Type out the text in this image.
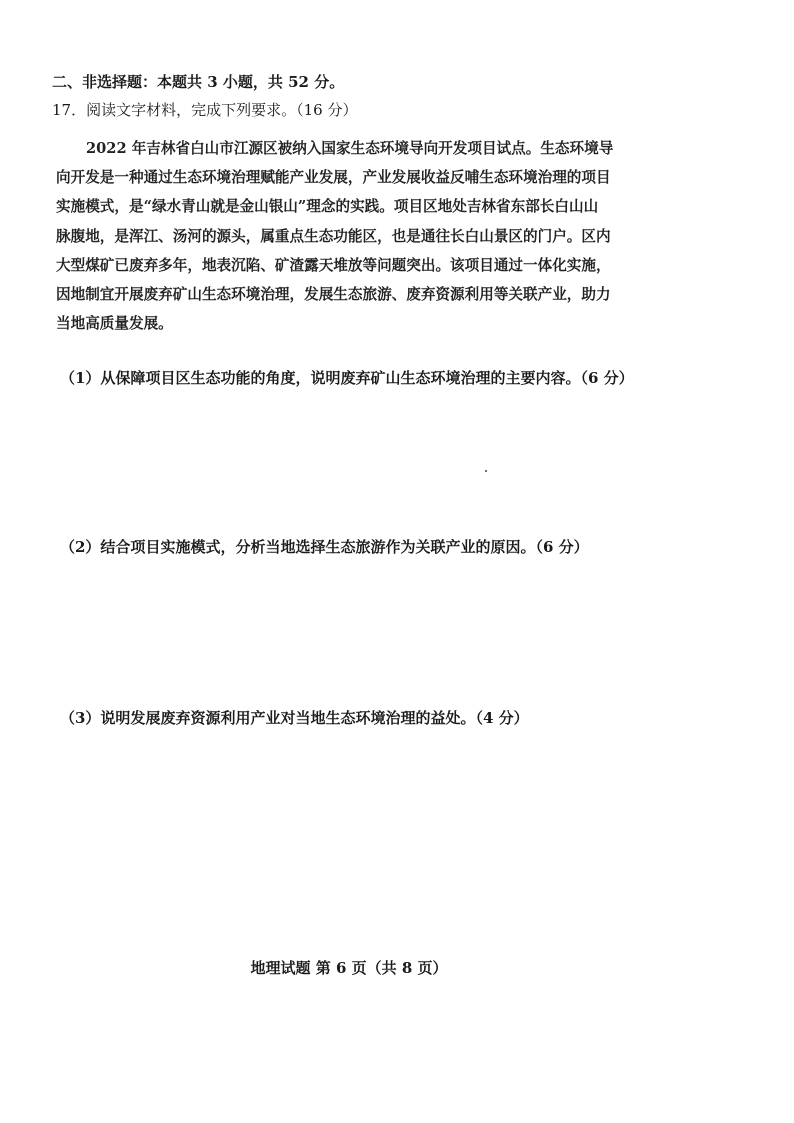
二、非选择题：本题共 3 小题，共 52 分。
17．阅读文字材料，完成下列要求。（16 分）
2022 年吉林省白山市江源区被纳入国家生态环境导向开发项目试点。生态环境导
向开发是一种通过生态环境治理赋能产业发展，产业发展收益反哺生态环境治理的项目
实施模式，是“绿水青山就是金山银山”理念的实践。项目区地处吉林省东部长白山山
脉腹地，是浑江、汤河的源头，属重点生态功能区，也是通往长白山景区的门户。区内
大型煤矿已废弃多年，地表沉陷、矿渣露天堆放等问题突出。该项目通过一体化实施，
因地制宜开展废弃矿山生态环境治理，发展生态旅游、废弃资源利用等关联产业，助力
当地高质量发展。
（1）从保障项目区生态功能的角度，说明废弃矿山生态环境治理的主要内容。（6 分）
（2）结合项目实施模式，分析当地选择生态旅游作为关联产业的原因。（6 分）
（3）说明发展废弃资源利用产业对当地生态环境治理的益处。（4 分）
地理试题 第 6 页（共 8 页）
